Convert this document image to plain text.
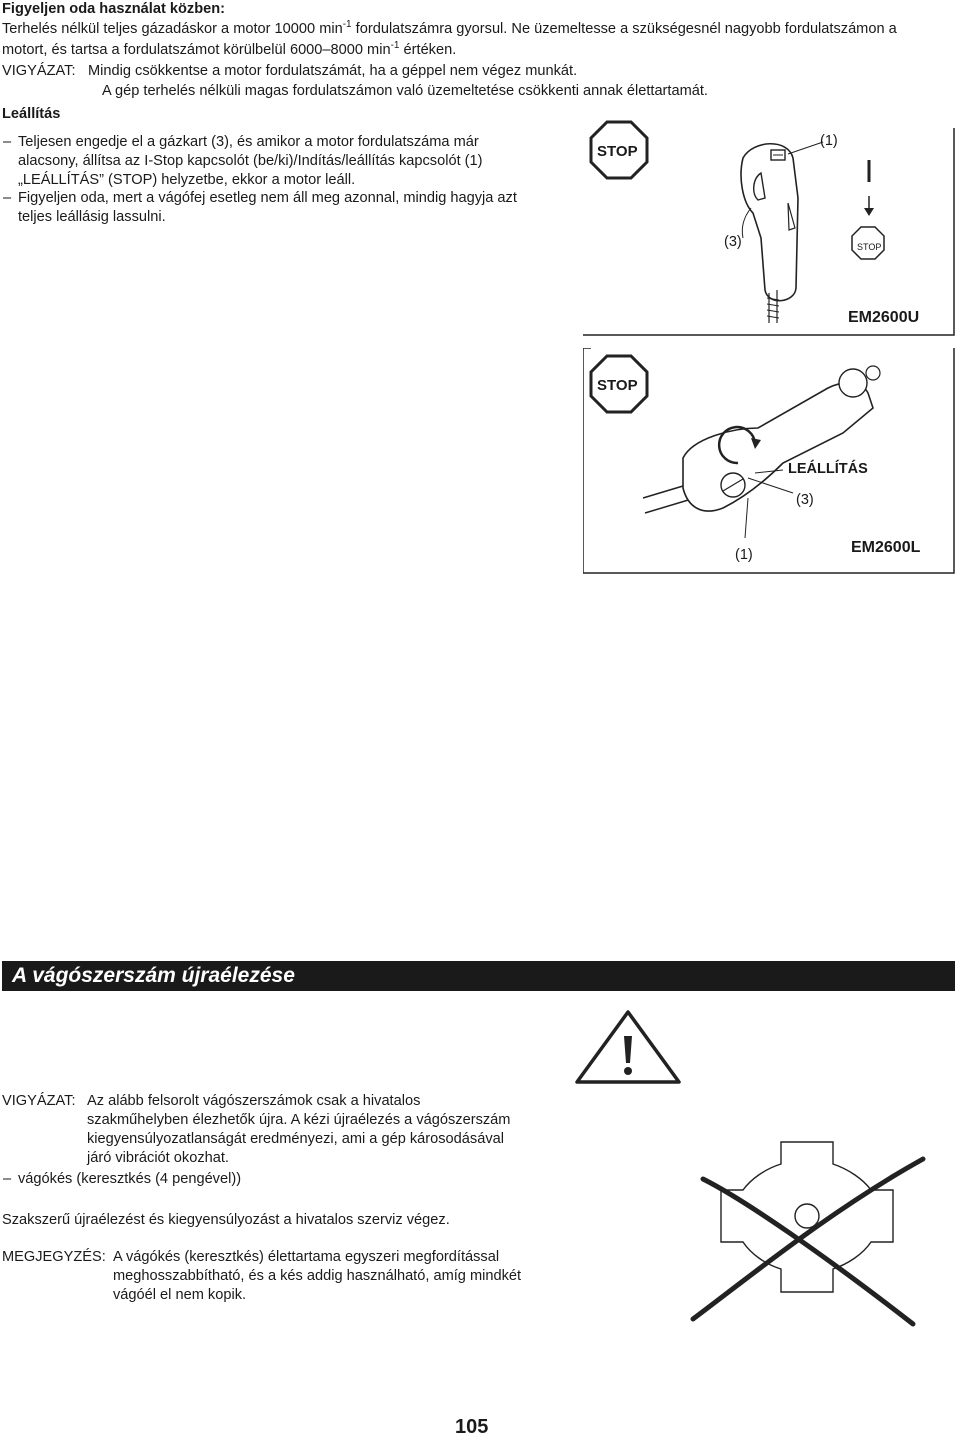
Figyeljen oda használat közben:
Terhelés nélkül teljes gázadáskor a motor 10000 $\min^{-1}$ fordulatszámra gyorsul. Ne üzemeltesse a szükségesnél nagyobb fordulatszámon a
motort, és tartsa a fordulatszámot körülbelül 6000–8000 $\min^{-1}$ értéken.
VIGYÁZAT: Mindig csökkentse a motor fordulatszámát, ha a géppel nem végez munkát.
A gép terhelés nélküli magas fordulatszámon való üzemeltetése csökkenti annak élettartamát.
Leállítás
– Teljesen engedje el a gázkart (3), és amikor a motor fordulatszáma már
alacsony, állítsa az I-Stop kapcsolót (be/ki)/Indítás/leállítás kapcsolót (1)
„LEÁLLÍTÁS” (STOP) helyzetbe, ekkor a motor leáll.
– Figyeljen oda, mert a vágófej esetleg nem áll meg azonnal, mindig hagyja azt
teljes leállásig lassulni.
STOP
(1)
(3)	STOP
EM2600U
STOP
LEÁLLÍTÁS
(3)
(1)	EM2600L
A vágószerszám újraélezése
VIGYÁZAT: Az alább felsorolt vágószerszámok csak a hivatalos
szakműhelyben élezhetők újra. A kézi újraélezés a vágószerszám
kiegyensúlyozatlanságát eredményezi, ami a gép károsodásával
járó vibrációt okozhat.
– vágókés (keresztkés (4 pengével))
Szakszerű újraélezést és kiegyensúlyozást a hivatalos szerviz végez.
MEGJEGYZÉS: A vágókés (keresztkés) élettartama egyszeri megfordítással
meghosszabbítható, és a kés addig használható, amíg mindkét
vágóél el nem kopik.
105
